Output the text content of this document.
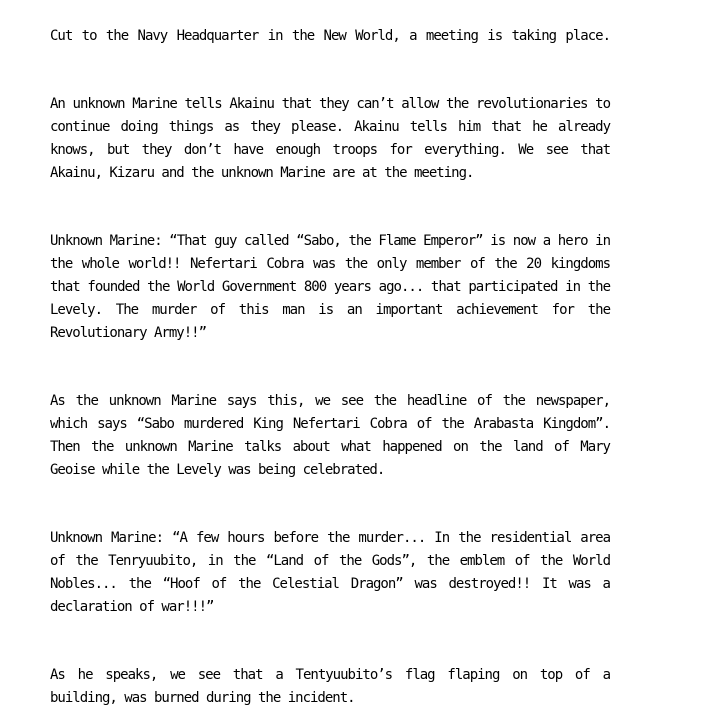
Cut to the Navy Headquarter in the New World, a meeting is taking place.
An unknown Marine tells Akainu that they can’t allow the revolutionaries to
continue doing things as they please. Akainu tells him that he already
knows, but they don’t have enough troops for everything. We see that
Akainu, Kizaru and the unknown Marine are at the meeting.
Unknown Marine: “That guy called “Sabo, the Flame Emperor” is now a hero in
the whole world!! Nefertari Cobra was the only member of the 20 kingdoms
that founded the World Government 800 years ago... that participated in the
Levely. The murder of this man is an important achievement for the
Revolutionary Army!!”
As the unknown Marine says this, we see the headline of the newspaper,
which says “Sabo murdered King Nefertari Cobra of the Arabasta Kingdom”.
Then the unknown Marine talks about what happened on the land of Mary
Geoise while the Levely was being celebrated.
Unknown Marine: “A few hours before the murder... In the residential area
of the Tenryuubito, in the “Land of the Gods”, the emblem of the World
Nobles... the “Hoof of the Celestial Dragon” was destroyed!! It was a
declaration of war!!!”
As he speaks, we see that a Tentyuubito’s flag flaping on top of a
building, was burned during the incident.
